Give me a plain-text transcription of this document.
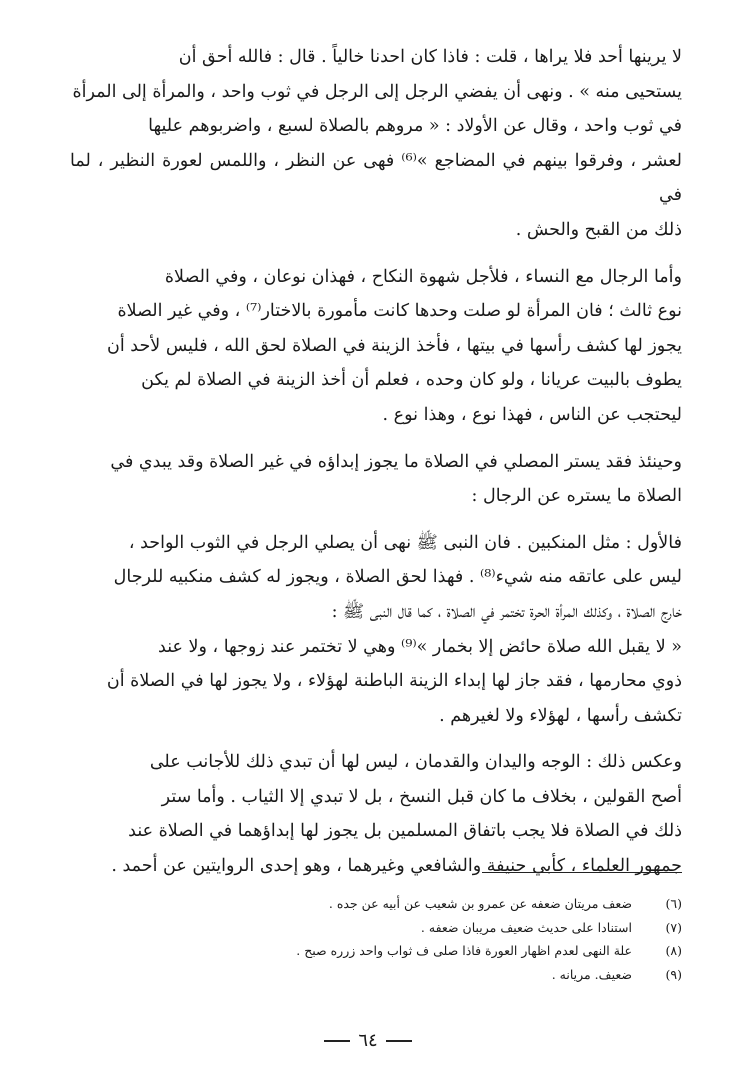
لا يرينها أحد فلا يراها ، قلت : فاذا كان احدنا خالياً . قال : فالله أحق أن
يستحيى منه » . ونهى أن يفضي الرجل إلى الرجل في ثوب واحد ، والمرأة إلى المرأة
في ثوب واحد ، وقال عن الأولاد : « مروهم بالصلاة لسبع ، واضربوهم عليها
لعشر ، وفرقوا بينهم في المضاجع »⁽⁶⁾ فهى عن النظر ، واللمس لعورة النظير ، لما في
ذلك من القبح والحش .

وأما الرجال مع النساء ، فلأجل شهوة النكاح ، فهذان نوعان ، وفي الصلاة
نوع ثالث ؛ فان المرأة لو صلت وحدها كانت مأمورة بالاختار⁽⁷⁾ ، وفي غير الصلاة
يجوز لها كشف رأسها في بيتها ، فأخذ الزينة في الصلاة لحق الله ، فليس لأحد أن
يطوف بالبيت عريانا ، ولو كان وحده ، فعلم أن أخذ الزينة في الصلاة لم يكن
ليحتجب عن الناس ، فهذا نوع ، وهذا نوع .

وحينئذ فقد يستر المصلي في الصلاة ما يجوز إبداؤه في غير الصلاة وقد يبدي في
الصلاة ما يستره عن الرجال :

فالأول : مثل المنكبين . فان النبى ﷺ نهى أن يصلي الرجل في الثوب الواحد ،
ليس على عاتقه منه شيء⁽⁸⁾ . فهذا لحق الصلاة ، ويجوز له كشف منكبيه للرجال
خارج الصلاة ، وكذلك المرأة الحرة تختمر في الصلاة ، كما قال النبى ﷺ :
« لا يقبل الله صلاة حائض إلا بخمار »⁽⁹⁾ وهي لا تختمر عند زوجها ، ولا عند
ذوي محارمها ، فقد جاز لها إبداء الزينة الباطنة لهؤلاء ، ولا يجوز لها في الصلاة أن
تكشف رأسها ، لهؤلاء ولا لغيرهم .

وعكس ذلك : الوجه واليدان والقدمان ، ليس لها أن تبدي ذلك للأجانب على
أصح القولين ، بخلاف ما كان قبل النسخ ، بل لا تبدي إلا الثياب . وأما ستر
ذلك في الصلاة فلا يجب باتفاق المسلمين بل يجوز لها إبداؤهما في الصلاة عند
جمهور العلماء ، كأبي حنيفة والشافعي وغيرهما ، وهو إحدى الروايتين عن أحمد .

(٦)
ضعف مريتان ضعفه عن عمرو بن شعيب عن أبيه عن جده .
(٧)
استنادا على حديث ضعيف مريبان ضعفه .
(٨)
علة النهى لعدم اظهار العورة فاذا صلى ف ثواب واحد زرره صبح .
(٩)
ضعيف. مريانه .
٦٤
